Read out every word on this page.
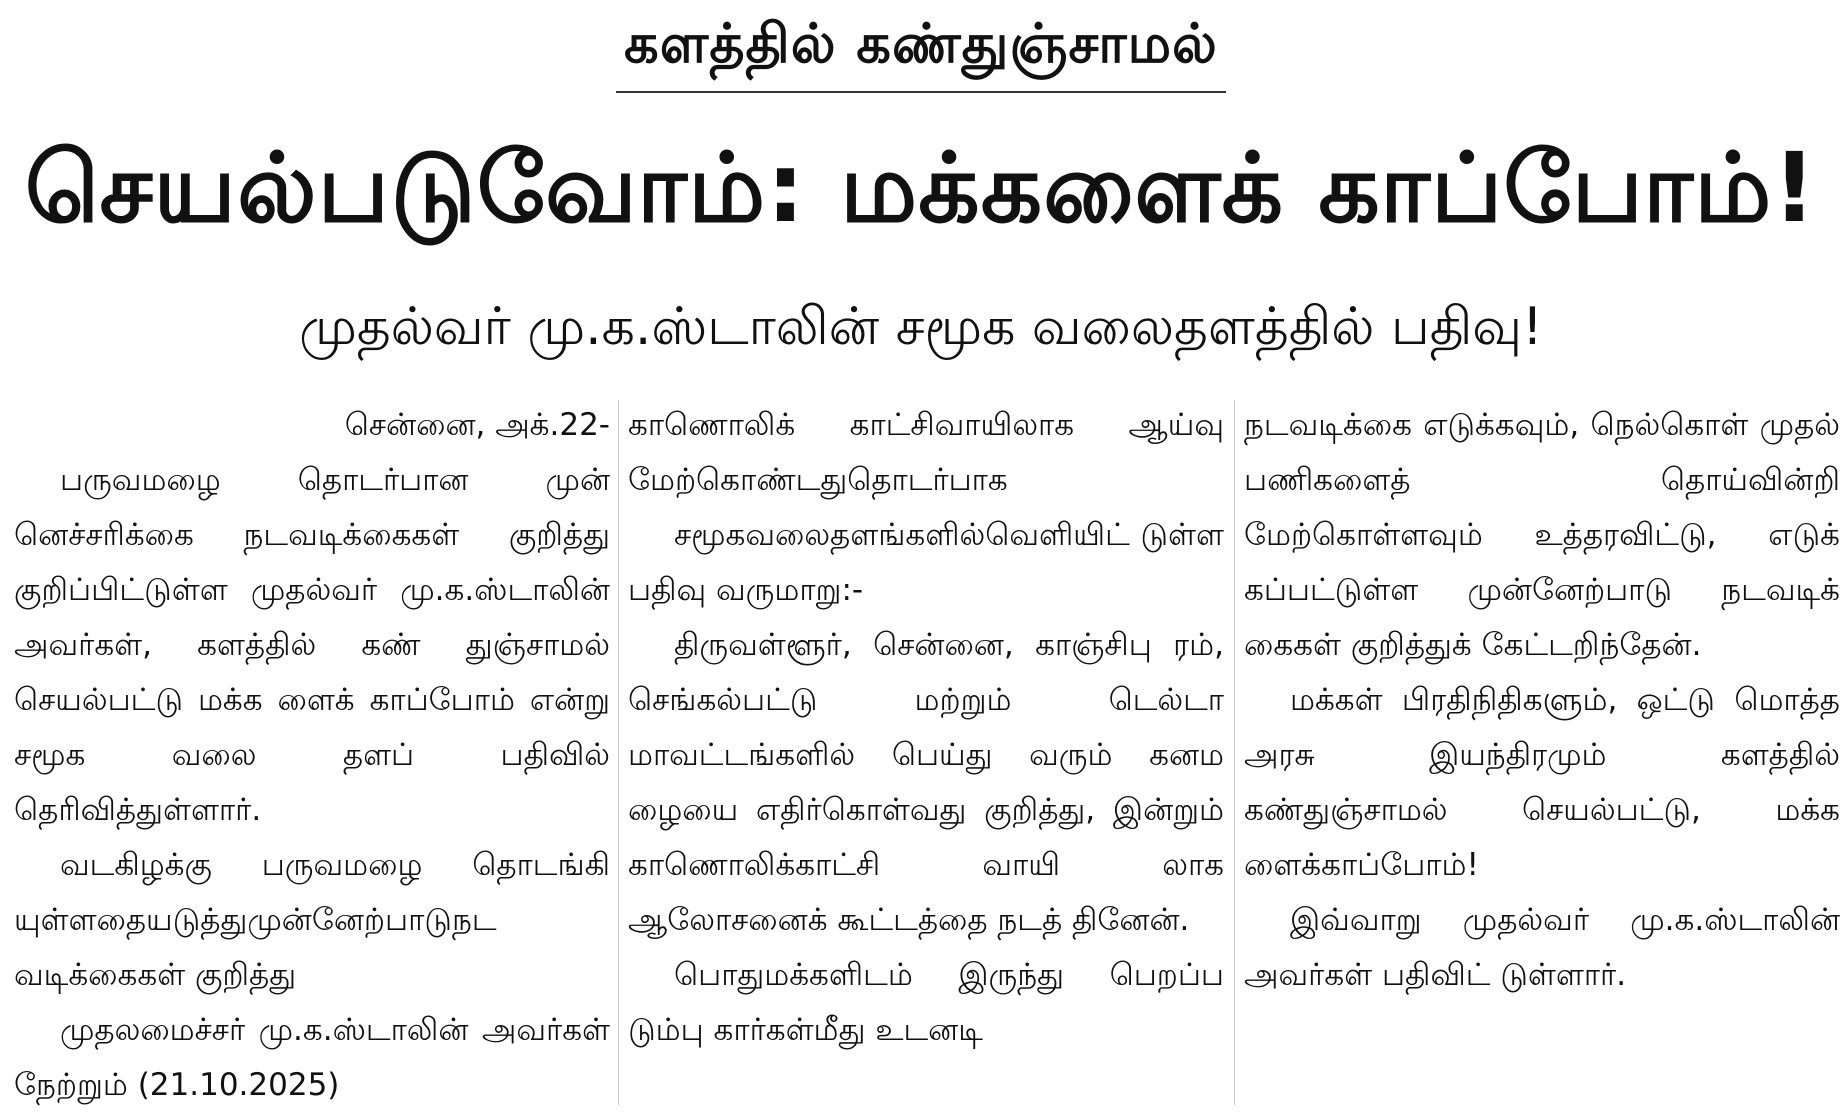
களத்தில் கண்துஞ்சாமல்
செயல்படுவோம்: மக்களைக் காப்போம்!
முதல்வர் மு.க.ஸ்டாலின் சமூக வலைதளத்தில் பதிவு!

சென்னை, அக்.22-

பருவமழை தொடர்பான முன் னெச்சரிக்கை நடவடிக்கைகள் குறித்து குறிப்பிட்டுள்ள முதல்வர் மு.க.ஸ்டாலின் அவர்கள், களத்தில் கண் துஞ்சாமல் செயல்பட்டு மக்க ளைக் காப்போம் என்று சமூக வலை தளப் பதிவில் தெரிவித்துள்ளார்.

வடகிழக்கு பருவமழை தொடங்கி யுள்ளதையடுத்துமுன்னேற்பாடுநட வடிக்கைகள் குறித்து

முதலமைச்சர் மு.க.ஸ்டாலின் அவர்கள் நேற்றும் (21.10.2025)

காணொலிக் காட்சிவாயிலாக ஆய்வு மேற்கொண்டதுதொடர்பாக

சமூகவலைதளங்களில்வெளியிட் டுள்ள பதிவு வருமாறு:-

திருவள்ளூர், சென்னை, காஞ்சிபு ரம், செங்கல்பட்டு மற்றும் டெல்டா மாவட்டங்களில் பெய்து வரும் கனம ழையை எதிர்கொள்வது குறித்து, இன்றும் காணொலிக்காட்சி வாயி லாக ஆலோசனைக் கூட்டத்தை நடத் தினேன்.

பொதுமக்களிடம் இருந்து பெறப்ப டும்பு கார்கள்மீது உடனடி

நடவடிக்கை எடுக்கவும், நெல்கொள் முதல் பணிகளைத் தொய்வின்றி மேற்கொள்ளவும் உத்தரவிட்டு, எடுக் கப்பட்டுள்ள முன்னேற்பாடு நடவடிக் கைகள் குறித்துக் கேட்டறிந்தேன்.

மக்கள் பிரதிநிதிகளும், ஒட்டு மொத்த அரசு இயந்திரமும் களத்தில் கண்துஞ்சாமல் செயல்பட்டு, மக்க ளைக்காப்போம்!

இவ்வாறு முதல்வர் மு.க.ஸ்டாலின் அவர்கள் பதிவிட் டுள்ளார்.
